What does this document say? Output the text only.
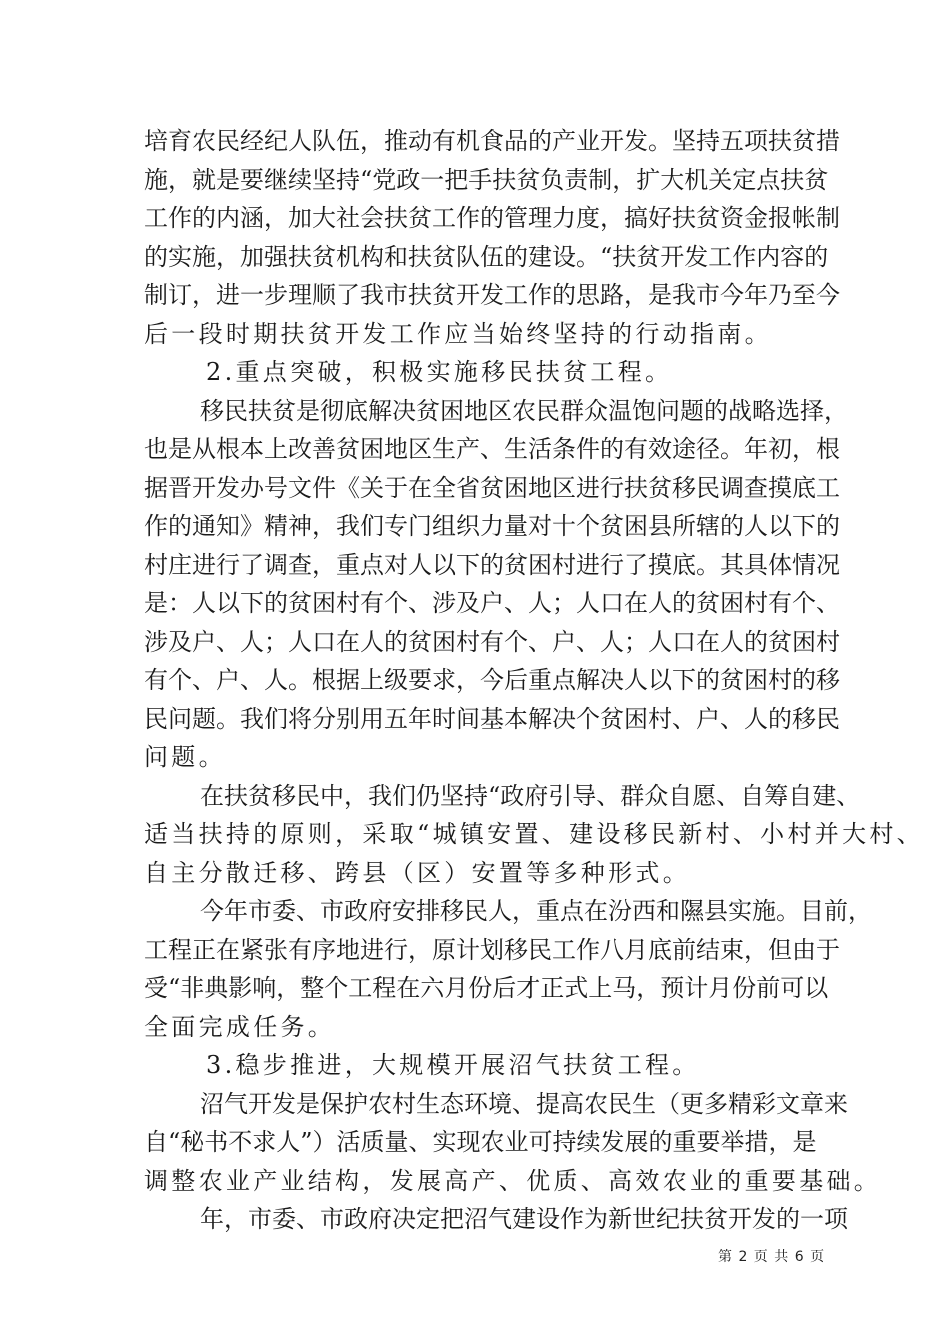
培育农民经纪人队伍，推动有机食品的产业开发。坚持五项扶贫措
施，就是要继续坚持“党政一把手扶贫负责制，扩大机关定点扶贫
工作的内涵，加大社会扶贫工作的管理力度，搞好扶贫资金报帐制
的实施，加强扶贫机构和扶贫队伍的建设。“扶贫开发工作内容的
制订，进一步理顺了我市扶贫开发工作的思路，是我市今年乃至今
后一段时期扶贫开发工作应当始终坚持的行动指南。
2.重点突破，积极实施移民扶贫工程。
移民扶贫是彻底解决贫困地区农民群众温饱问题的战略选择，
也是从根本上改善贫困地区生产、生活条件的有效途径。年初，根
据晋开发办号文件《关于在全省贫困地区进行扶贫移民调查摸底工
作的通知》精神，我们专门组织力量对十个贫困县所辖的人以下的
村庄进行了调查，重点对人以下的贫困村进行了摸底。其具体情况
是：人以下的贫困村有个、涉及户、人；人口在人的贫困村有个、
涉及户、人；人口在人的贫困村有个、户、人；人口在人的贫困村
有个、户、人。根据上级要求，今后重点解决人以下的贫困村的移
民问题。我们将分别用五年时间基本解决个贫困村、户、人的移民
问题。
在扶贫移民中，我们仍坚持“政府引导、群众自愿、自筹自建、
适当扶持的原则，采取“城镇安置、建设移民新村、小村并大村、
自主分散迁移、跨县（区）安置等多种形式。
今年市委、市政府安排移民人，重点在汾西和隰县实施。目前，
工程正在紧张有序地进行，原计划移民工作八月底前结束，但由于
受“非典影响，整个工程在六月份后才正式上马，预计月份前可以
全面完成任务。
3.稳步推进，大规模开展沼气扶贫工程。
沼气开发是保护农村生态环境、提高农民生（更多精彩文章来
自“秘书不求人”）活质量、实现农业可持续发展的重要举措，是
调整农业产业结构，发展高产、优质、高效农业的重要基础。
年，市委、市政府决定把沼气建设作为新世纪扶贫开发的一项
第 2 页 共 6 页
